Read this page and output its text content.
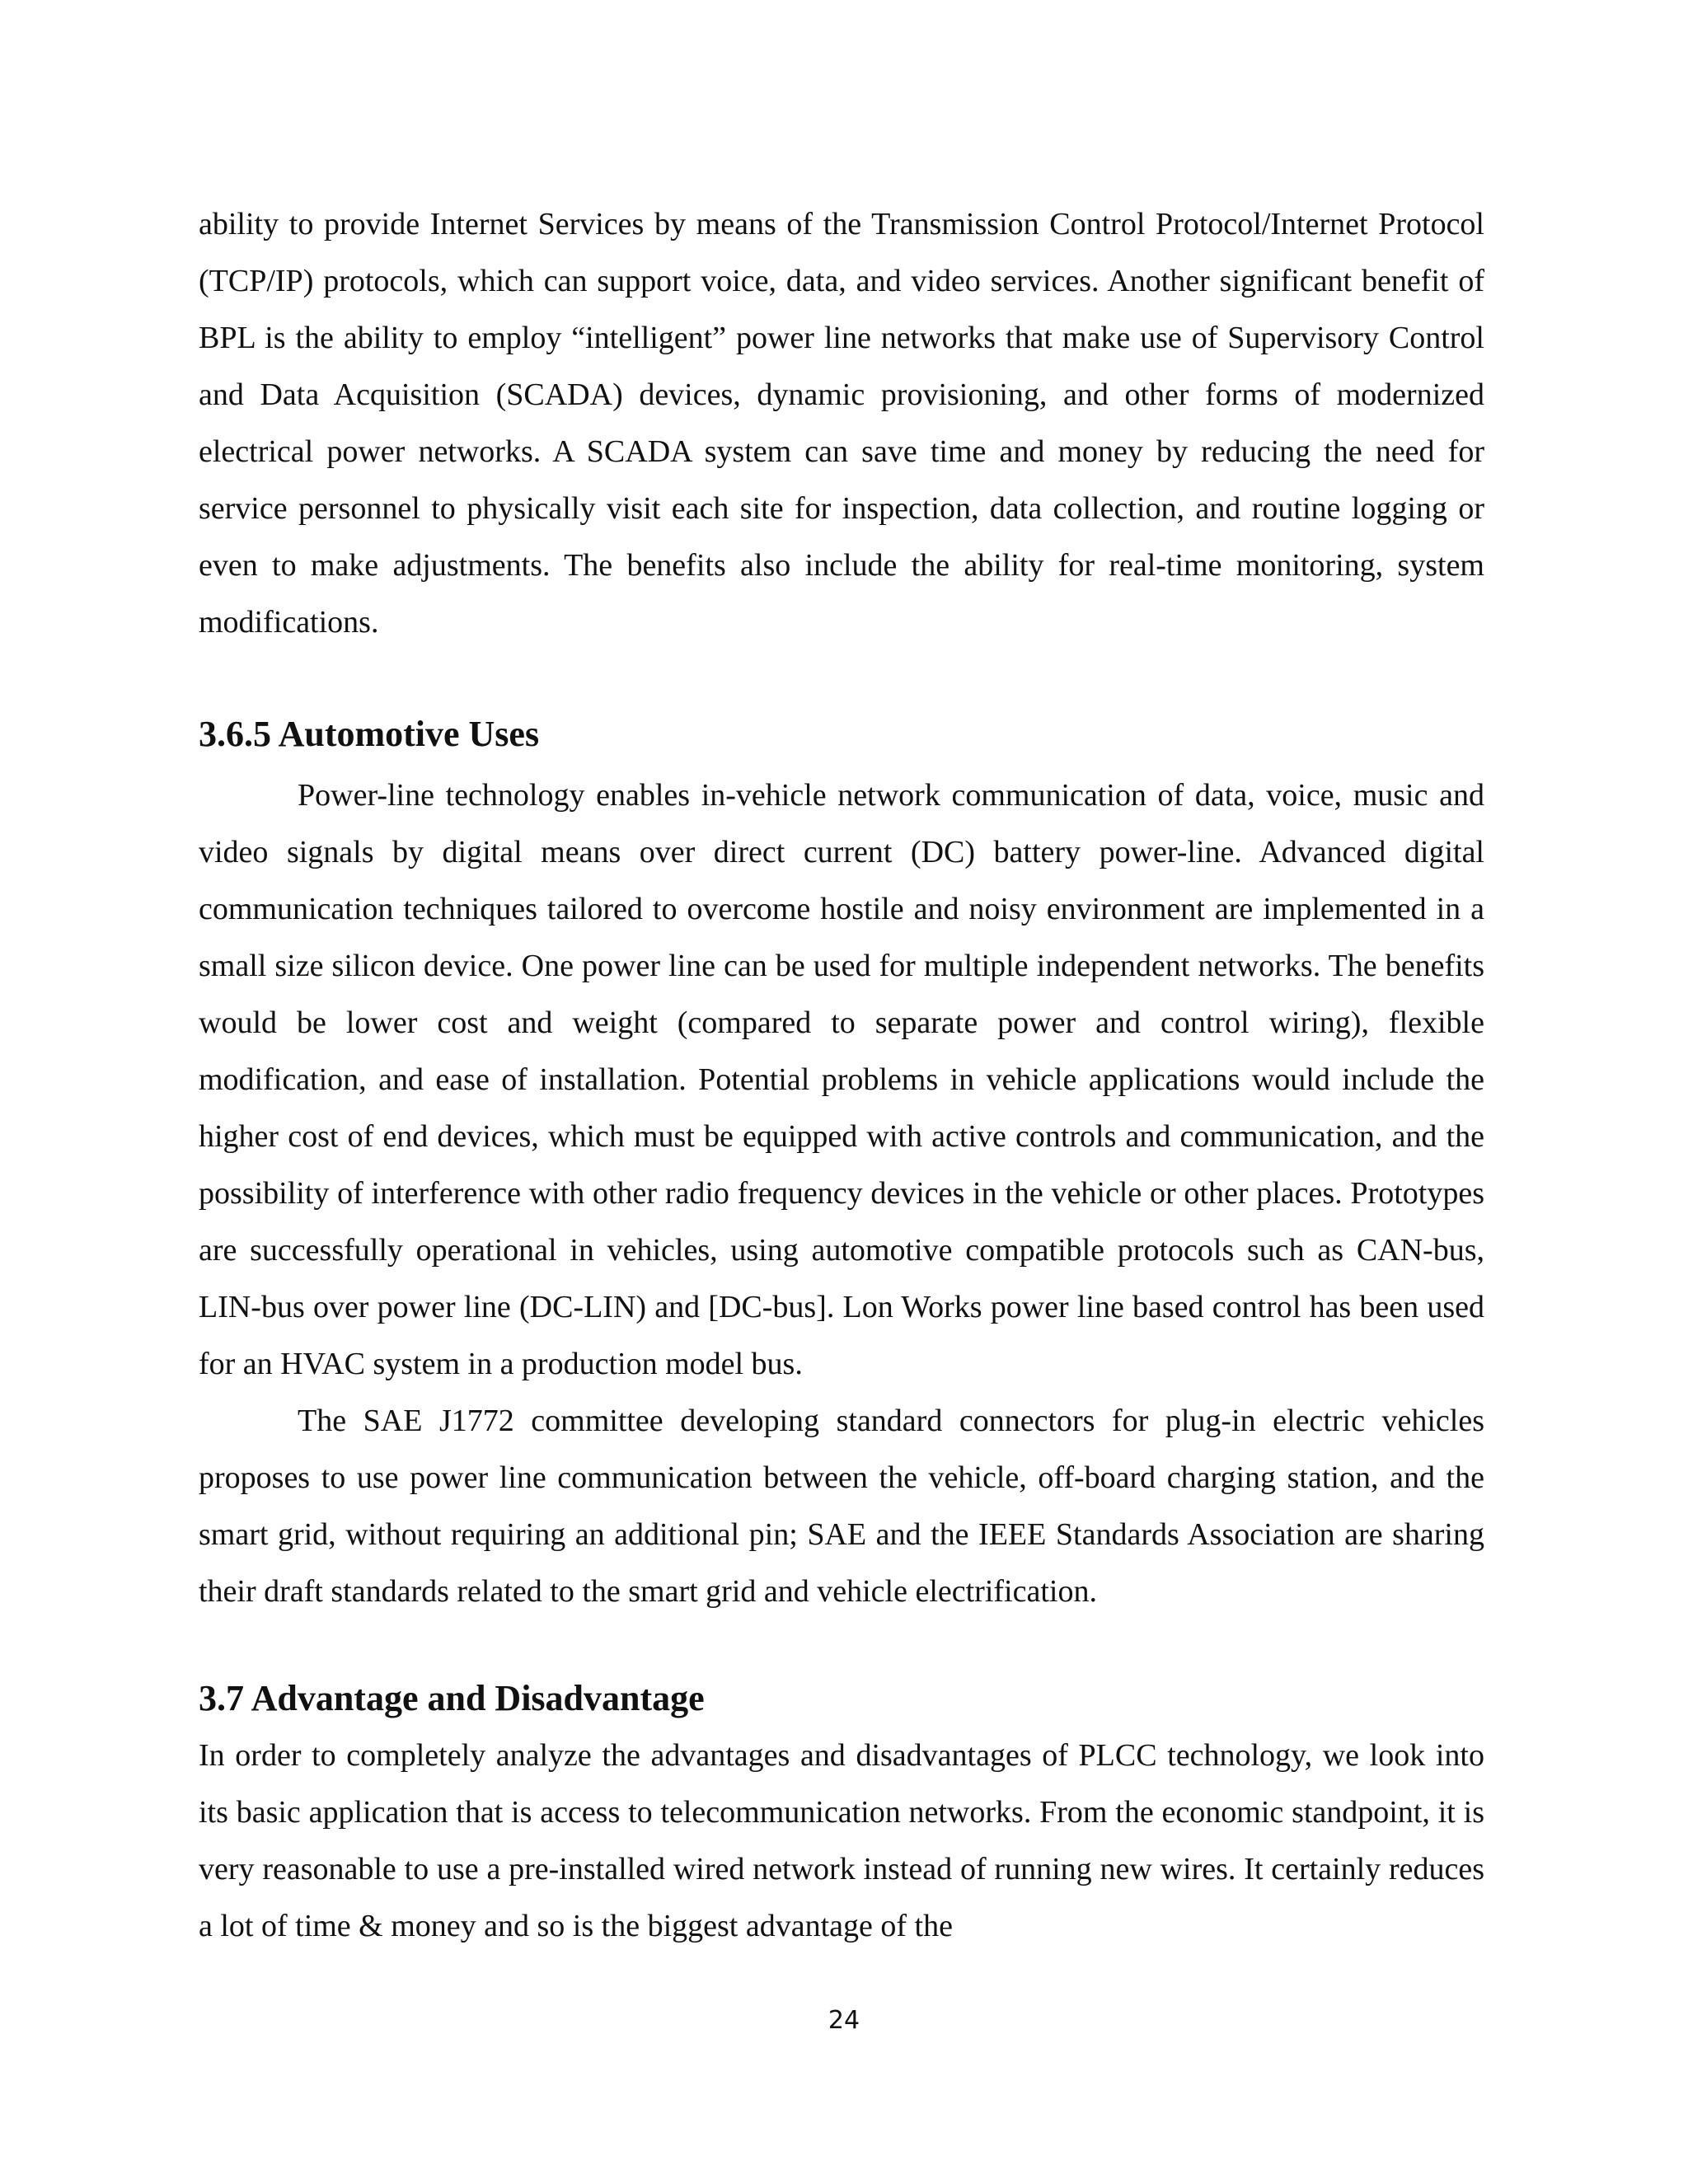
ability to provide Internet Services by means of the Transmission Control Protocol/Internet Protocol (TCP/IP) protocols, which can support voice, data, and video services. Another significant benefit of BPL is the ability to employ “intelligent” power line networks that make use of Supervisory Control and Data Acquisition (SCADA) devices, dynamic provisioning, and other forms of modernized electrical power networks. A SCADA system can save time and money by reducing the need for service personnel to physically visit each site for inspection, data collection, and routine logging or even to make adjustments. The benefits also include the ability for real-time monitoring, system modifications.

3.6.5 Automotive Uses

Power-line technology enables in-vehicle network communication of data, voice, music and video signals by digital means over direct current (DC) battery power-line. Advanced digital communication techniques tailored to overcome hostile and noisy environment are implemented in a small size silicon device. One power line can be used for multiple independent networks. The benefits would be lower cost and weight (compared to separate power and control wiring), flexible modification, and ease of installation. Potential problems in vehicle applications would include the higher cost of end devices, which must be equipped with active controls and communication, and the possibility of interference with other radio frequency devices in the vehicle or other places. Prototypes are successfully operational in vehicles, using automotive compatible protocols such as CAN-bus, LIN-bus over power line (DC-LIN) and [DC-bus]. Lon Works power line based control has been used for an HVAC system in a production model bus.

The SAE J1772 committee developing standard connectors for plug-in electric vehicles proposes to use power line communication between the vehicle, off-board charging station, and the smart grid, without requiring an additional pin; SAE and the IEEE Standards Association are sharing their draft standards related to the smart grid and vehicle electrification.

3.7 Advantage and Disadvantage

In order to completely analyze the advantages and disadvantages of PLCC technology, we look into its basic application that is access to telecommunication networks. From the economic standpoint, it is very reasonable to use a pre-installed wired network instead of running new wires. It certainly reduces a lot of time & money and so is the biggest advantage of the

24
